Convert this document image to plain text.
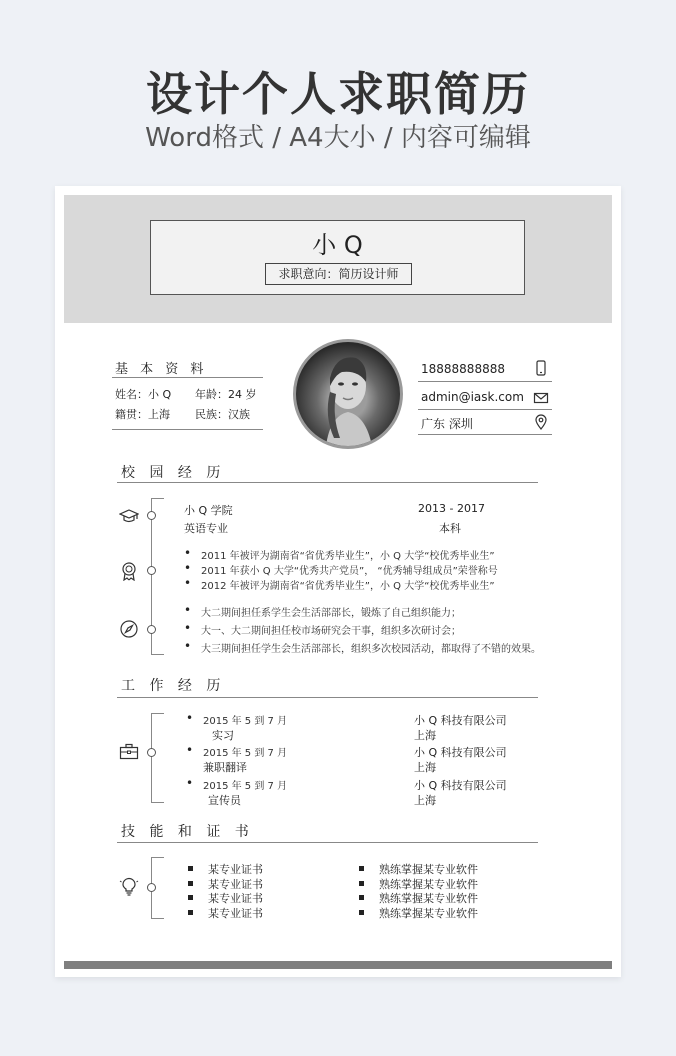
设计个人求职简历
Word格式 / A4大小 / 内容可编辑
小 Q
求职意向：简历设计师
基 本 资 料
姓名：小 Q 年龄：24 岁
籍贯：上海 民族：汉族
18888888888
admin@iask.com
广东 深圳
校 园 经 历
小 Q 学院	2013 - 2017
英语专业	本科
• 2011 年被评为湖南省“省优秀毕业生”，小 Q 大学“校优秀毕业生”
• 2011 年获小 Q 大学“优秀共产党员”， “优秀辅导组成员”荣誉称号
• 2012 年被评为湖南省“省优秀毕业生”，小 Q 大学“校优秀毕业生”
• 大二期间担任系学生会生活部部长，锻炼了自己组织能力；
• 大一、大二期间担任校市场研究会干事，组织多次研讨会；
• 大三期间担任学生会生活部部长，组织多次校园活动，都取得了不错的效果。
工 作 经 历
• 2015 年 5 到 7 月
实习
小 Q 科技有限公司
上海
• 2015 年 5 到 7 月
兼职翻译
小 Q 科技有限公司
上海
• 2015 年 5 到 7 月
宣传员
小 Q 科技有限公司
上海
技 能 和 证 书
某专业证书
某专业证书
某专业证书
某专业证书
熟练掌握某专业软件
熟练掌握某专业软件
熟练掌握某专业软件
熟练掌握某专业软件
